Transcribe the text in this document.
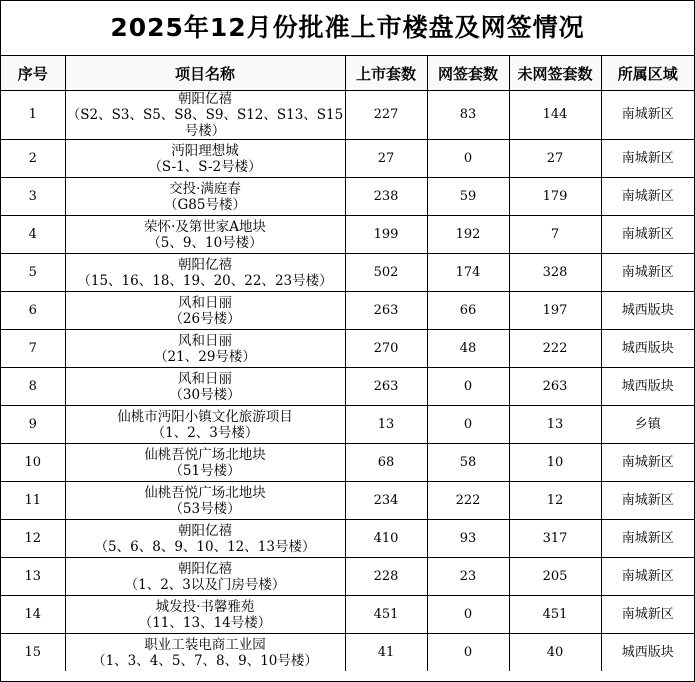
2025年12月份批准上市楼盘及网签情况
序号	项目名称	上市套数	网签套数	未网签套数	所属区域
1	朝阳亿禧
（S2、S3、S5、S8、S9、S12、S13、S15号楼）	227	83	144	南城新区
2	沔阳理想城
（S-1、S-2号楼）	27	0	27	南城新区
3	交投·满庭春
（G85号楼）	238	59	179	南城新区
4	荣怀·及第世家A地块
（5、9、10号楼）	199	192	7	南城新区
5	朝阳亿禧
（15、16、18、19、20、22、23号楼）	502	174	328	南城新区
6	风和日丽
（26号楼）	263	66	197	城西版块
7	风和日丽
（21、29号楼）	270	48	222	城西版块
8	风和日丽
（30号楼）	263	0	263	城西版块
9	仙桃市沔阳小镇文化旅游项目
（1、2、3号楼）	13	0	13	乡镇
10	仙桃吾悦广场北地块
（51号楼）	68	58	10	南城新区
11	仙桃吾悦广场北地块
（53号楼）	234	222	12	南城新区
12	朝阳亿禧
（5、6、8、9、10、12、13号楼）	410	93	317	南城新区
13	朝阳亿禧
（1、2、3以及门房号楼）	228	23	205	南城新区
14	城发投·书馨雅苑
（11、13、14号楼）	451	0	451	南城新区
15	职业工装电商工业园
（1、3、4、5、7、8、9、10号楼）	41	0	40	城西版块
